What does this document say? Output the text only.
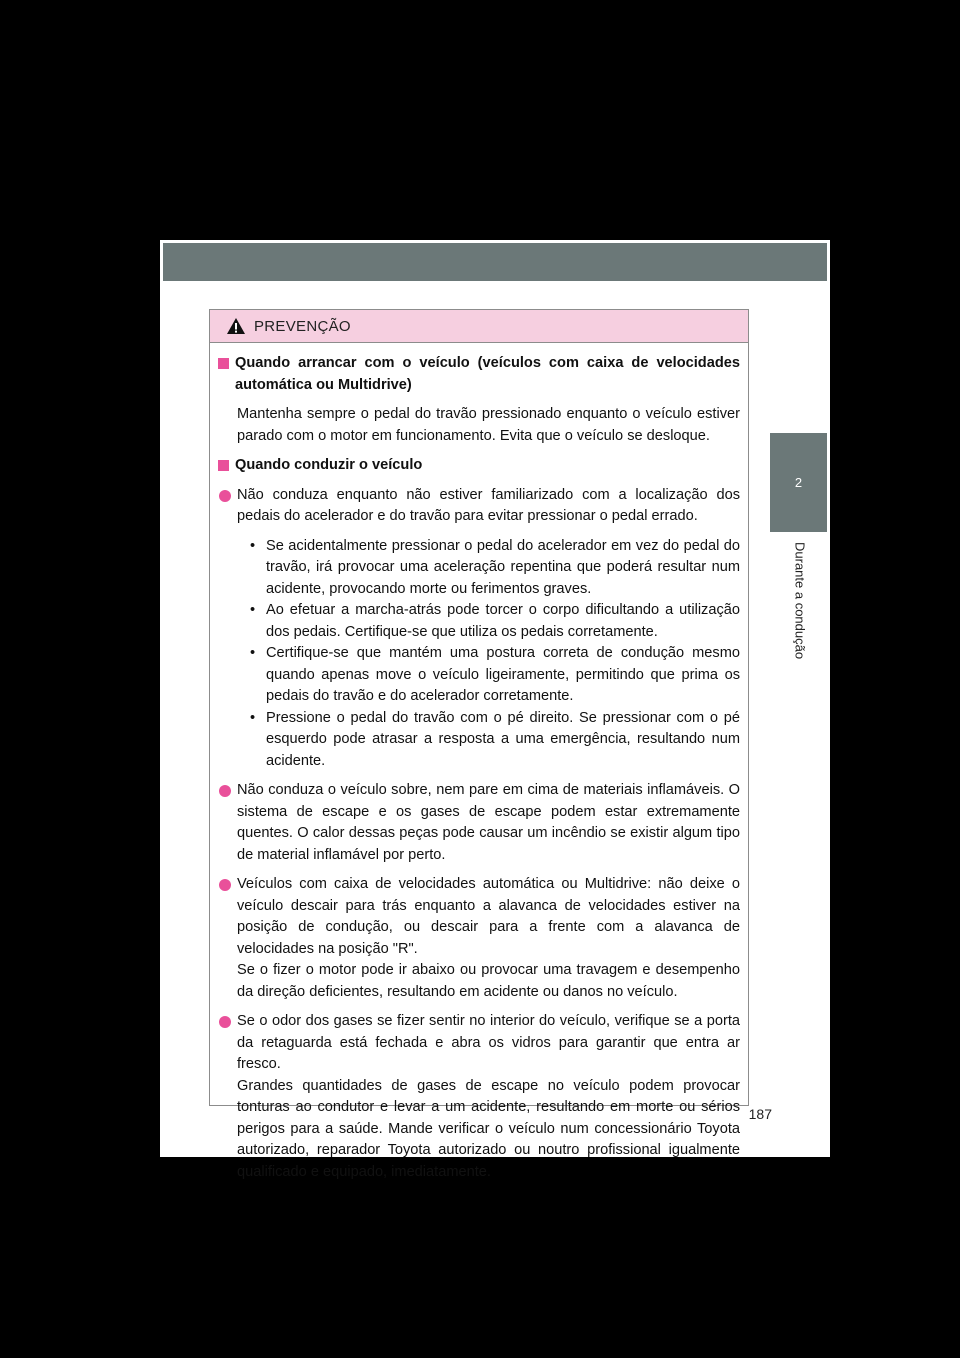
2
Durante a condução
PREVENÇÃO
Quando arrancar com o veículo (veículos com caixa de velocidades automática ou Multidrive)
Mantenha sempre o pedal do travão pressionado enquanto o veículo estiver parado com o motor em funcionamento. Evita que o veículo se desloque.
Quando conduzir o veículo
Não conduza enquanto não estiver familiarizado com a localização dos pedais do acelerador e do travão para evitar pressionar o pedal errado.
• Se acidentalmente pressionar o pedal do acelerador em vez do pedal do travão, irá provocar uma aceleração repentina que poderá resultar num acidente, provocando morte ou ferimentos graves.
• Ao efetuar a marcha-atrás pode torcer o corpo dificultando a utilização dos pedais. Certifique-se que utiliza os pedais corretamente.
• Certifique-se que mantém uma postura correta de condução mesmo quando apenas move o veículo ligeiramente, permitindo que prima os pedais do travão e do acelerador corretamente.
• Pressione o pedal do travão com o pé direito. Se pressionar com o pé esquerdo pode atrasar a resposta a uma emergência, resultando num acidente.
Não conduza o veículo sobre, nem pare em cima de materiais inflamáveis. O sistema de escape e os gases de escape podem estar extremamente quentes. O calor dessas peças pode causar um incêndio se existir algum tipo de material inflamável por perto.
Veículos com caixa de velocidades automática ou Multidrive: não deixe o veículo descair para trás enquanto a alavanca de velocidades estiver na posição de condução, ou descair para a frente com a alavanca de velocidades na posição "R".
Se o fizer o motor pode ir abaixo ou provocar uma travagem e desempenho da direção deficientes, resultando em acidente ou danos no veículo.
Se o odor dos gases se fizer sentir no interior do veículo, verifique se a porta da retaguarda está fechada e abra os vidros para garantir que entra ar fresco.
Grandes quantidades de gases de escape no veículo podem provocar tonturas ao condutor e levar a um acidente, resultando em morte ou sérios perigos para a saúde. Mande verificar o veículo num concessionário Toyota autorizado, reparador Toyota autorizado ou noutro profissional igualmente qualificado e equipado, imediatamente.
187
